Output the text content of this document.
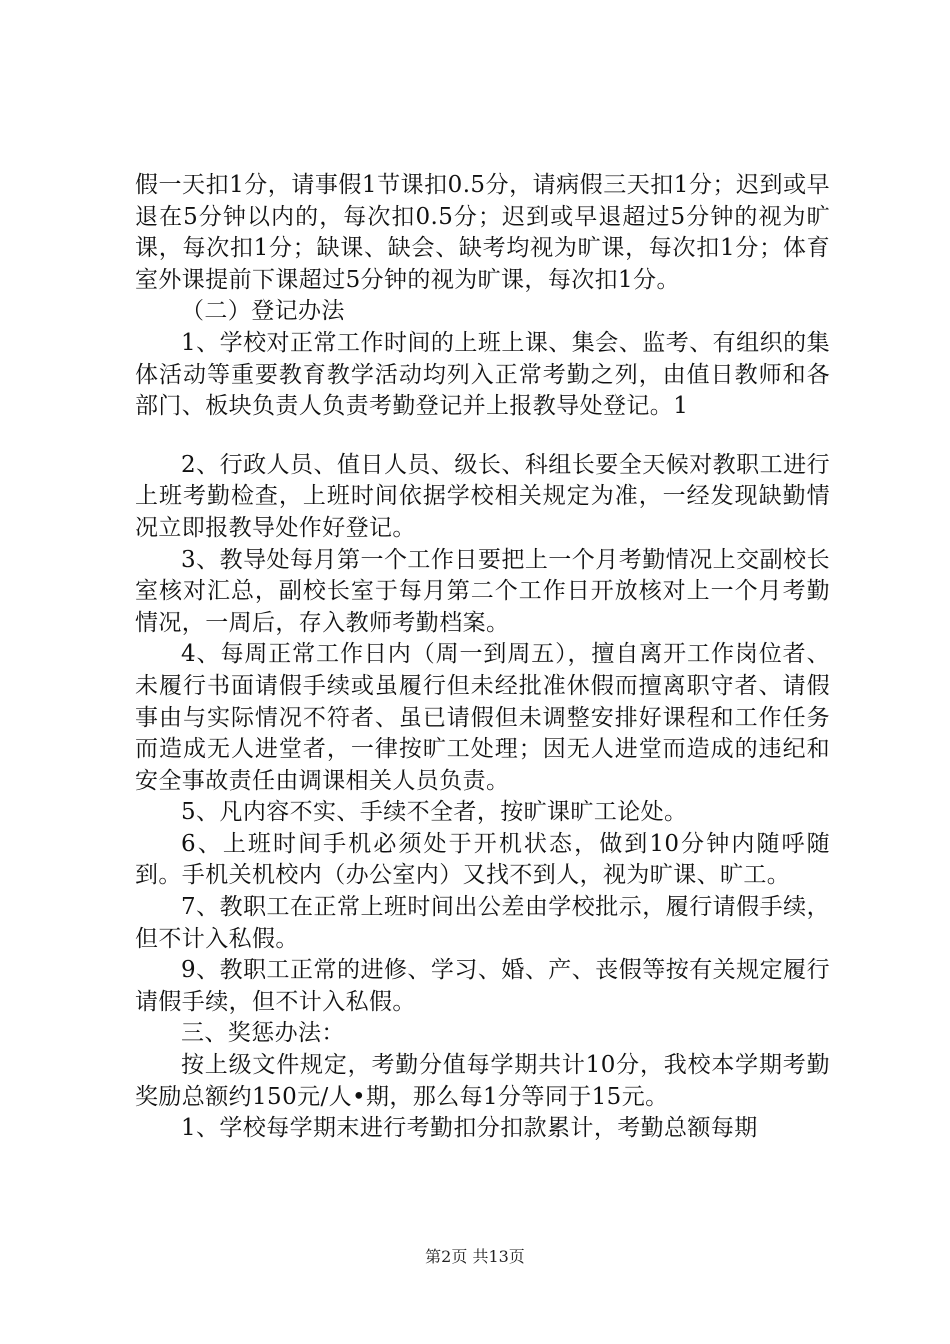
假一天扣1分，请事假1节课扣0.5分，请病假三天扣1分；迟到或早退在5分钟以内的，每次扣0.5分；迟到或早退超过5分钟的视为旷课，每次扣1分；缺课、缺会、缺考均视为旷课，每次扣1分；体育室外课提前下课超过5分钟的视为旷课，每次扣1分。

（二）登记办法

1、学校对正常工作时间的上班上课、集会、监考、有组织的集体活动等重要教育教学活动均列入正常考勤之列，由值日教师和各部门、板块负责人负责考勤登记并上报教导处登记。1

2、行政人员、值日人员、级长、科组长要全天候对教职工进行上班考勤检查，上班时间依据学校相关规定为准，一经发现缺勤情况立即报教导处作好登记。

3、教导处每月第一个工作日要把上一个月考勤情况上交副校长室核对汇总，副校长室于每月第二个工作日开放核对上一个月考勤情况，一周后，存入教师考勤档案。

4、每周正常工作日内（周一到周五），擅自离开工作岗位者、未履行书面请假手续或虽履行但未经批准休假而擅离职守者、请假事由与实际情况不符者、虽已请假但未调整安排好课程和工作任务而造成无人进堂者，一律按旷工处理；因无人进堂而造成的违纪和安全事故责任由调课相关人员负责。

5、凡内容不实、手续不全者，按旷课旷工论处。

6、上班时间手机必须处于开机状态，做到10分钟内随呼随到。手机关机校内（办公室内）又找不到人，视为旷课、旷工。

7、教职工在正常上班时间出公差由学校批示，履行请假手续，但不计入私假。

9、教职工正常的进修、学习、婚、产、丧假等按有关规定履行请假手续，但不计入私假。

三、奖惩办法：

按上级文件规定，考勤分值每学期共计10分，我校本学期考勤奖励总额约150元/人•期，那么每1分等同于15元。

1、学校每学期末进行考勤扣分扣款累计，考勤总额每期

第2页 共13页
